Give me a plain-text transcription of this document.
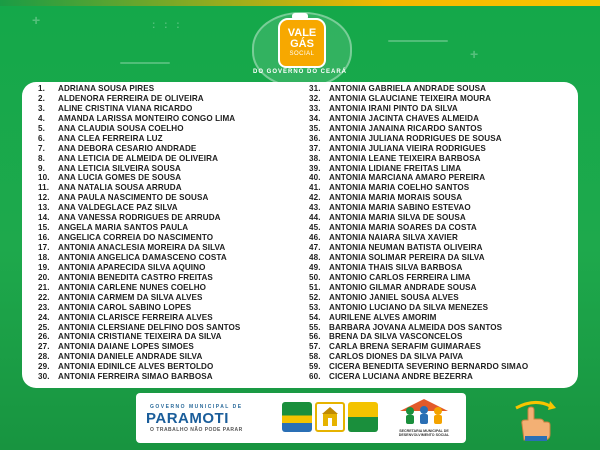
+
+
: : :
VALE
GÁS
SOCIAL
DO GOVERNO DO CEARÁ
1. ADRIANA SOUSA PIRES
2. ALDENORA FERREIRA DE OLIVEIRA
3. ALINE CRISTINA VIANA RICARDO
4. AMANDA LARISSA MONTEIRO CONGO LIMA
5. ANA CLAUDIA SOUSA COELHO
6. ANA CLEA FERREIRA LUZ
7. ANA DEBORA CESARIO ANDRADE
8. ANA LETICIA DE ALMEIDA DE OLIVEIRA
9. ANA LETICIA SILVEIRA SOUSA
10. ANA LUCIA GOMES DE SOUSA
11. ANA NATALIA SOUSA ARRUDA
12. ANA PAULA NASCIMENTO DE SOUSA
13. ANA VALDEGLACE PAZ SILVA
14. ANA VANESSA RODRIGUES DE ARRUDA
15. ANGELA MARIA SANTOS PAULA
16. ANGELICA CORREIA DO NASCIMENTO
17. ANTONIA ANACLESIA MOREIRA DA SILVA
18. ANTONIA ANGELICA DAMASCENO COSTA
19. ANTONIA APARECIDA SILVA AQUINO
20. ANTONIA BENEDITA CASTRO FREITAS
21. ANTONIA CARLENE NUNES COELHO
22. ANTONIA CARMEM DA SILVA ALVES
23. ANTONIA CAROL SABINO LOPES
24. ANTONIA CLARISCE FERREIRA ALVES
25. ANTONIA CLERSIANE DELFINO DOS SANTOS
26. ANTONIA CRISTIANE TEIXEIRA DA SILVA
27. ANTONIA DAIANE LOPES SIMOES
28. ANTONIA DANIELE ANDRADE SILVA
29. ANTONIA EDINILCE ALVES BERTOLDO
30. ANTONIA FERREIRA SIMAO BARBOSA
31. ANTONIA GABRIELA ANDRADE SOUSA
32. ANTONIA GLAUCIANE TEIXEIRA MOURA
33. ANTONIA IRANI PINTO DA SILVA
34. ANTONIA JACINTA CHAVES ALMEIDA
35. ANTONIA JANAINA RICARDO SANTOS
36. ANTONIA JULIANA RODRIGUES DE SOUSA
37. ANTONIA JULIANA VIEIRA RODRIGUES
38. ANTONIA LEANE TEIXEIRA BARBOSA
39. ANTONIA LIDIANE FREITAS LIMA
40. ANTONIA MARCIANA AMARO PEREIRA
41. ANTONIA MARIA COELHO SANTOS
42. ANTONIA MARIA MORAIS SOUSA
43. ANTONIA MARIA SABINO ESTEVAO
44. ANTONIA MARIA SILVA DE SOUSA
45. ANTONIA MARIA SOARES DA COSTA
46. ANTONIA NAIARA SILVA XAVIER
47. ANTONIA NEUMAN BATISTA OLIVEIRA
48. ANTONIA SOLIMAR PEREIRA DA SILVA
49. ANTONIA THAIS SILVA BARBOSA
50. ANTONIO CARLOS FERREIRA LIMA
51. ANTONIO GILMAR ANDRADE SOUSA
52. ANTONIO JANIEL SOUSA ALVES
53. ANTONIO LUCIANO DA SILVA MENEZES
54. AURILENE ALVES AMORIM
55. BARBARA JOVANA ALMEIDA DOS SANTOS
56. BRENA DA SILVA VASCONCELOS
57. CARLA BRENA SERAFIM GUIMARAES
58. CARLOS DIONES DA SILVA PAIVA
59. CICERA BENEDITA SEVERINO BERNARDO SIMAO
60. CICERA LUCIANA ANDRE BEZERRA
GOVERNO MUNICIPAL DE
PARAMOTI
O TRABALHO NÃO PODE PARAR	SECRETARIA MUNICIPAL DE DESENVOLVIMENTO SOCIAL
